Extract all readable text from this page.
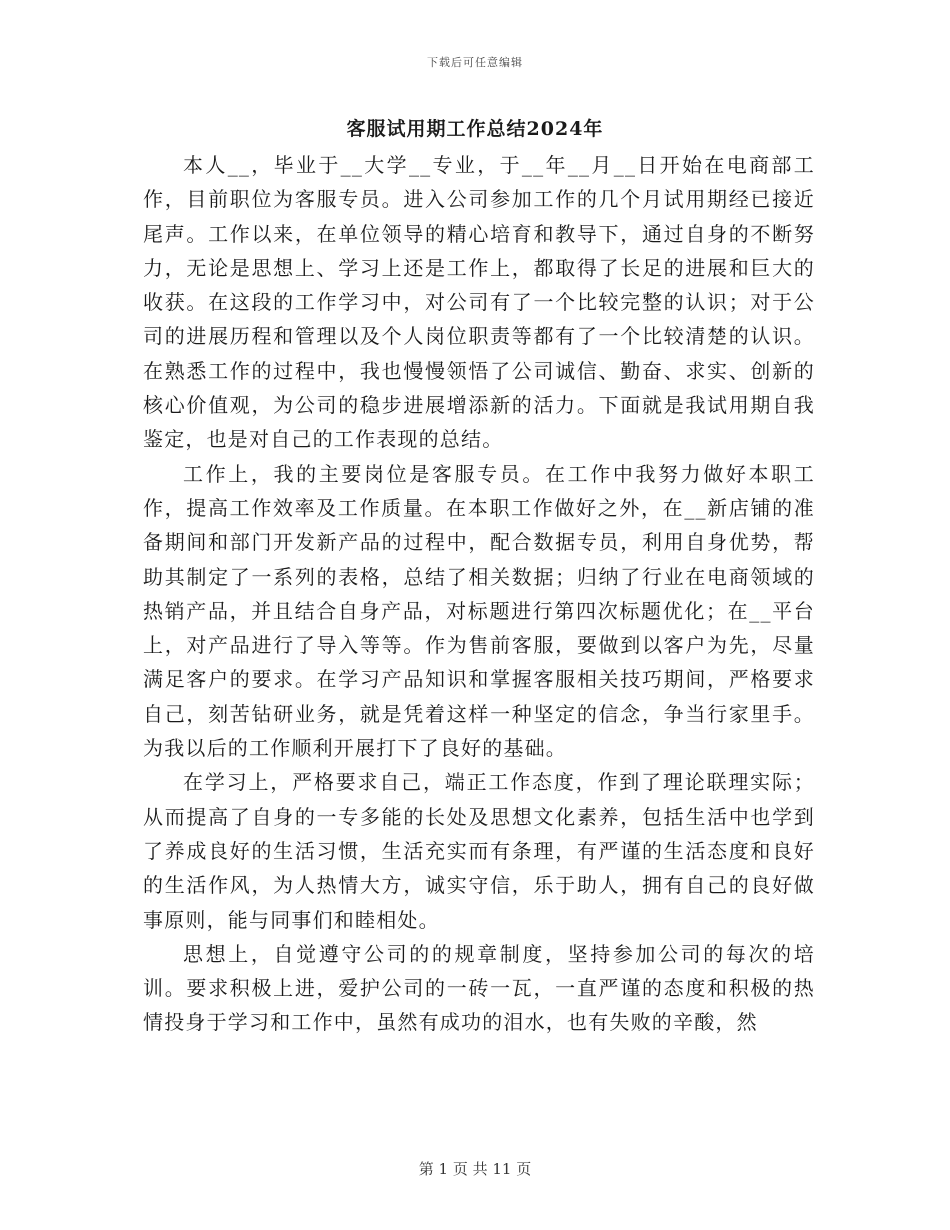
下载后可任意编辑
客服试用期工作总结2024年

本人__，毕业于__大学__专业，于__年__月__日开始在电商部工作，目前职位为客服专员。进入公司参加工作的几个月试用期经已接近尾声。工作以来，在单位领导的精心培育和教导下，通过自身的不断努力，无论是思想上、学习上还是工作上，都取得了长足的进展和巨大的收获。在这段的工作学习中，对公司有了一个比较完整的认识；对于公司的进展历程和管理以及个人岗位职责等都有了一个比较清楚的认识。在熟悉工作的过程中，我也慢慢领悟了公司诚信、勤奋、求实、创新的核心价值观，为公司的稳步进展增添新的活力。下面就是我试用期自我鉴定，也是对自己的工作表现的总结。

工作上，我的主要岗位是客服专员。在工作中我努力做好本职工作，提高工作效率及工作质量。在本职工作做好之外，在__新店铺的准备期间和部门开发新产品的过程中，配合数据专员，利用自身优势，帮助其制定了一系列的表格，总结了相关数据；归纳了行业在电商领域的热销产品，并且结合自身产品，对标题进行第四次标题优化；在__平台上，对产品进行了导入等等。作为售前客服，要做到以客户为先，尽量满足客户的要求。在学习产品知识和掌握客服相关技巧期间，严格要求自己，刻苦钻研业务，就是凭着这样一种坚定的信念，争当行家里手。为我以后的工作顺利开展打下了良好的基础。

在学习上，严格要求自己，端正工作态度，作到了理论联理实际；从而提高了自身的一专多能的长处及思想文化素养，包括生活中也学到了养成良好的生活习惯，生活充实而有条理，有严谨的生活态度和良好的生活作风，为人热情大方，诚实守信，乐于助人，拥有自己的良好做事原则，能与同事们和睦相处。

思想上，自觉遵守公司的的规章制度，坚持参加公司的每次的培训。要求积极上进，爱护公司的一砖一瓦，一直严谨的态度和积极的热情投身于学习和工作中，虽然有成功的泪水，也有失败的辛酸，然

第 1 页 共 11 页
